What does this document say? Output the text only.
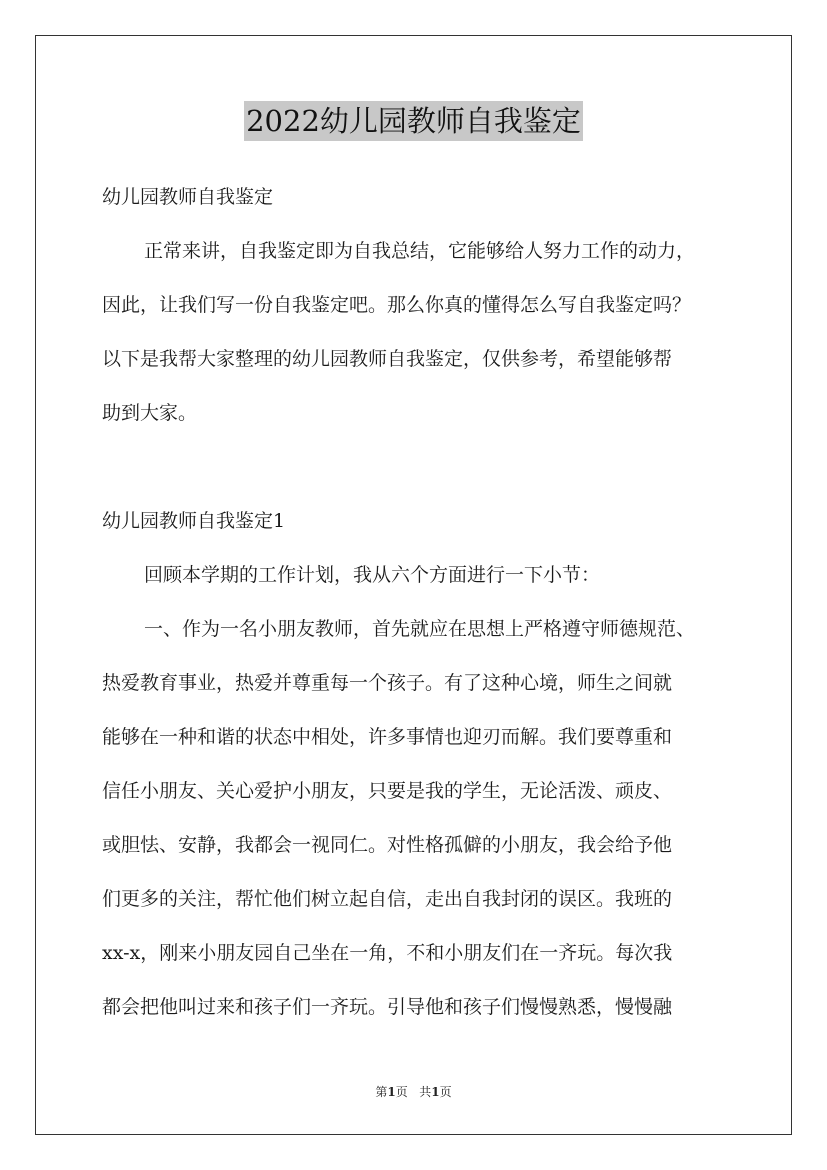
2022幼儿园教师自我鉴定
幼儿园教师自我鉴定
正常来讲，自我鉴定即为自我总结，它能够给人努力工作的动力，
因此，让我们写一份自我鉴定吧。那么你真的懂得怎么写自我鉴定吗？
以下是我帮大家整理的幼儿园教师自我鉴定，仅供参考，希望能够帮
助到大家。
幼儿园教师自我鉴定1
回顾本学期的工作计划，我从六个方面进行一下小节：
一、作为一名小朋友教师，首先就应在思想上严格遵守师德规范、
热爱教育事业，热爱并尊重每一个孩子。有了这种心境，师生之间就
能够在一种和谐的状态中相处，许多事情也迎刃而解。我们要尊重和
信任小朋友、关心爱护小朋友，只要是我的学生，无论活泼、顽皮、
或胆怯、安静，我都会一视同仁。对性格孤僻的小朋友，我会给予他
们更多的关注，帮忙他们树立起自信，走出自我封闭的误区。我班的
xx-x，刚来小朋友园自己坐在一角，不和小朋友们在一齐玩。每次我
都会把他叫过来和孩子们一齐玩。引导他和孩子们慢慢熟悉，慢慢融
第1页 共1页
